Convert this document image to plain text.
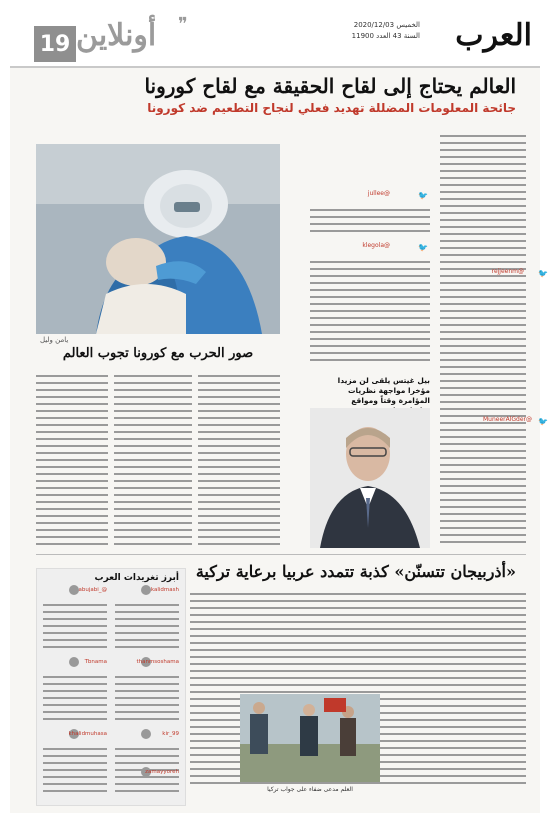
العرب
الخميس 2020/12/03
السنة 43 العدد 11900
❞
أونلاين
19
العالم يحتاج إلى لقاح الحقيقة مع لقاح كورونا
جائحة المعلومات المضللة تهديد فعلي لنجاح التطعيم ضد كورونا
يامن وليل
صور الحرب مع كورونا تجوب العالم
🐦
@jullee
🐦
@klegola
🐦
@rejjeenm
🐦
@MuneerAlGder
بيل غيتس يلقى لن مزيدا
مؤخرا مواجهة نظريات
المؤامرة وقتاً ومواقع
«أذربيجان تتسنّن» كذبة تتمدد عربيا برعاية تركية
العلم مدعى ضفاء على جواب تركيا
أبرز تغريدات العرب
kalidmash
@_abujabi
thanmsoshama
Tbnama
kir_99
khalidmuhasa
zamayyoreh
